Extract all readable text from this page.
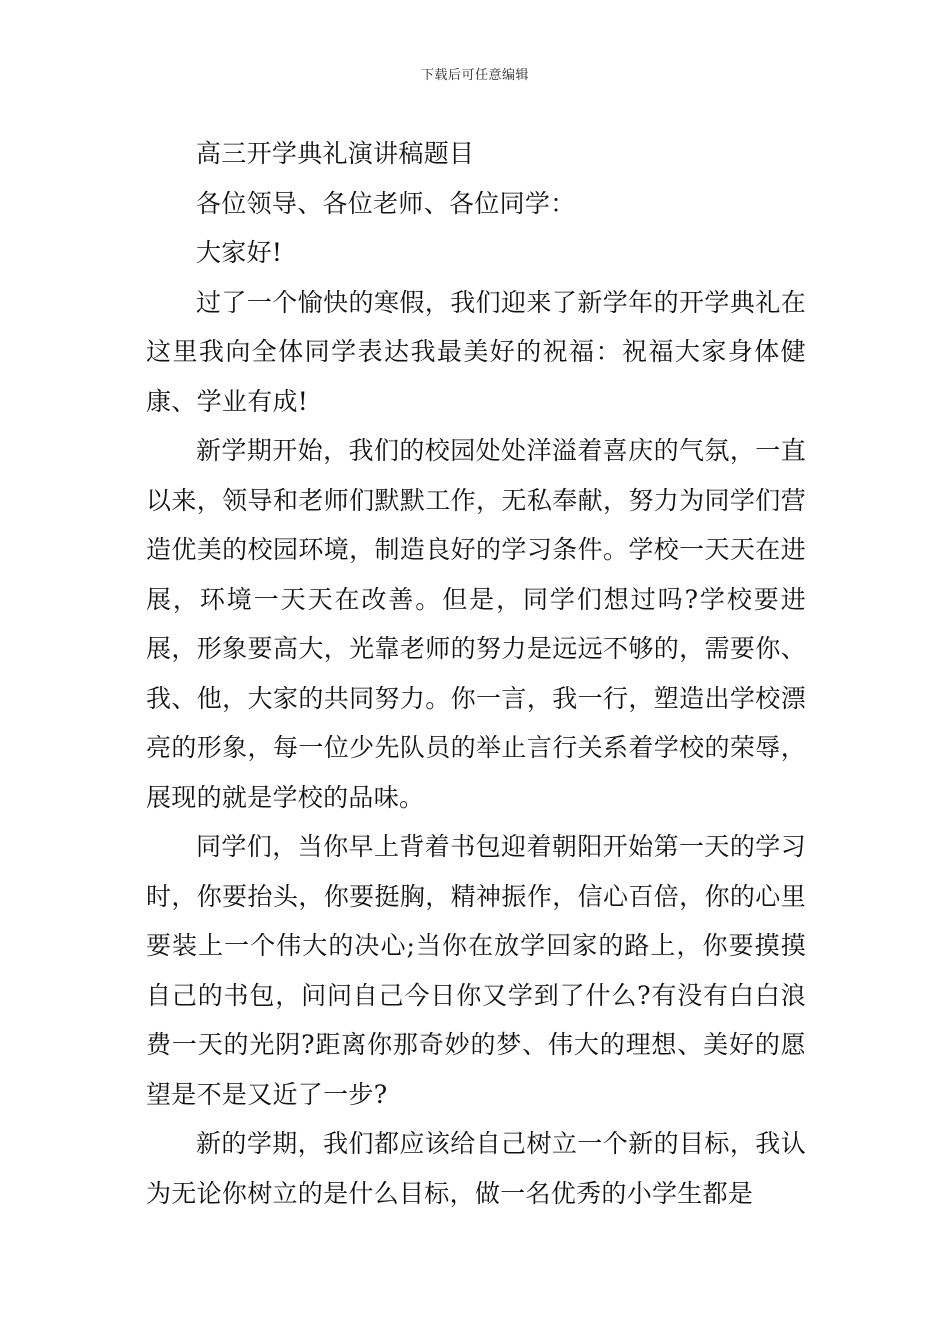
下载后可任意编辑

高三开学典礼演讲稿题目

各位领导、各位老师、各位同学：

大家好!

过了一个愉快的寒假，我们迎来了新学年的开学典礼在这里我向全体同学表达我最美好的祝福：祝福大家身体健康、学业有成!

新学期开始，我们的校园处处洋溢着喜庆的气氛，一直以来，领导和老师们默默工作，无私奉献，努力为同学们营造优美的校园环境，制造良好的学习条件。学校一天天在进展，环境一天天在改善。但是，同学们想过吗?学校要进展，形象要高大，光靠老师的努力是远远不够的，需要你、我、他，大家的共同努力。你一言，我一行，塑造出学校漂亮的形象，每一位少先队员的举止言行关系着学校的荣辱，展现的就是学校的品味。

同学们，当你早上背着书包迎着朝阳开始第一天的学习时，你要抬头，你要挺胸，精神振作，信心百倍，你的心里要装上一个伟大的决心;当你在放学回家的路上，你要摸摸自己的书包，问问自己今日你又学到了什么?有没有白白浪费一天的光阴?距离你那奇妙的梦、伟大的理想、美好的愿望是不是又近了一步?

新的学期，我们都应该给自己树立一个新的目标，我认为无论你树立的是什么目标，做一名优秀的小学生都是
